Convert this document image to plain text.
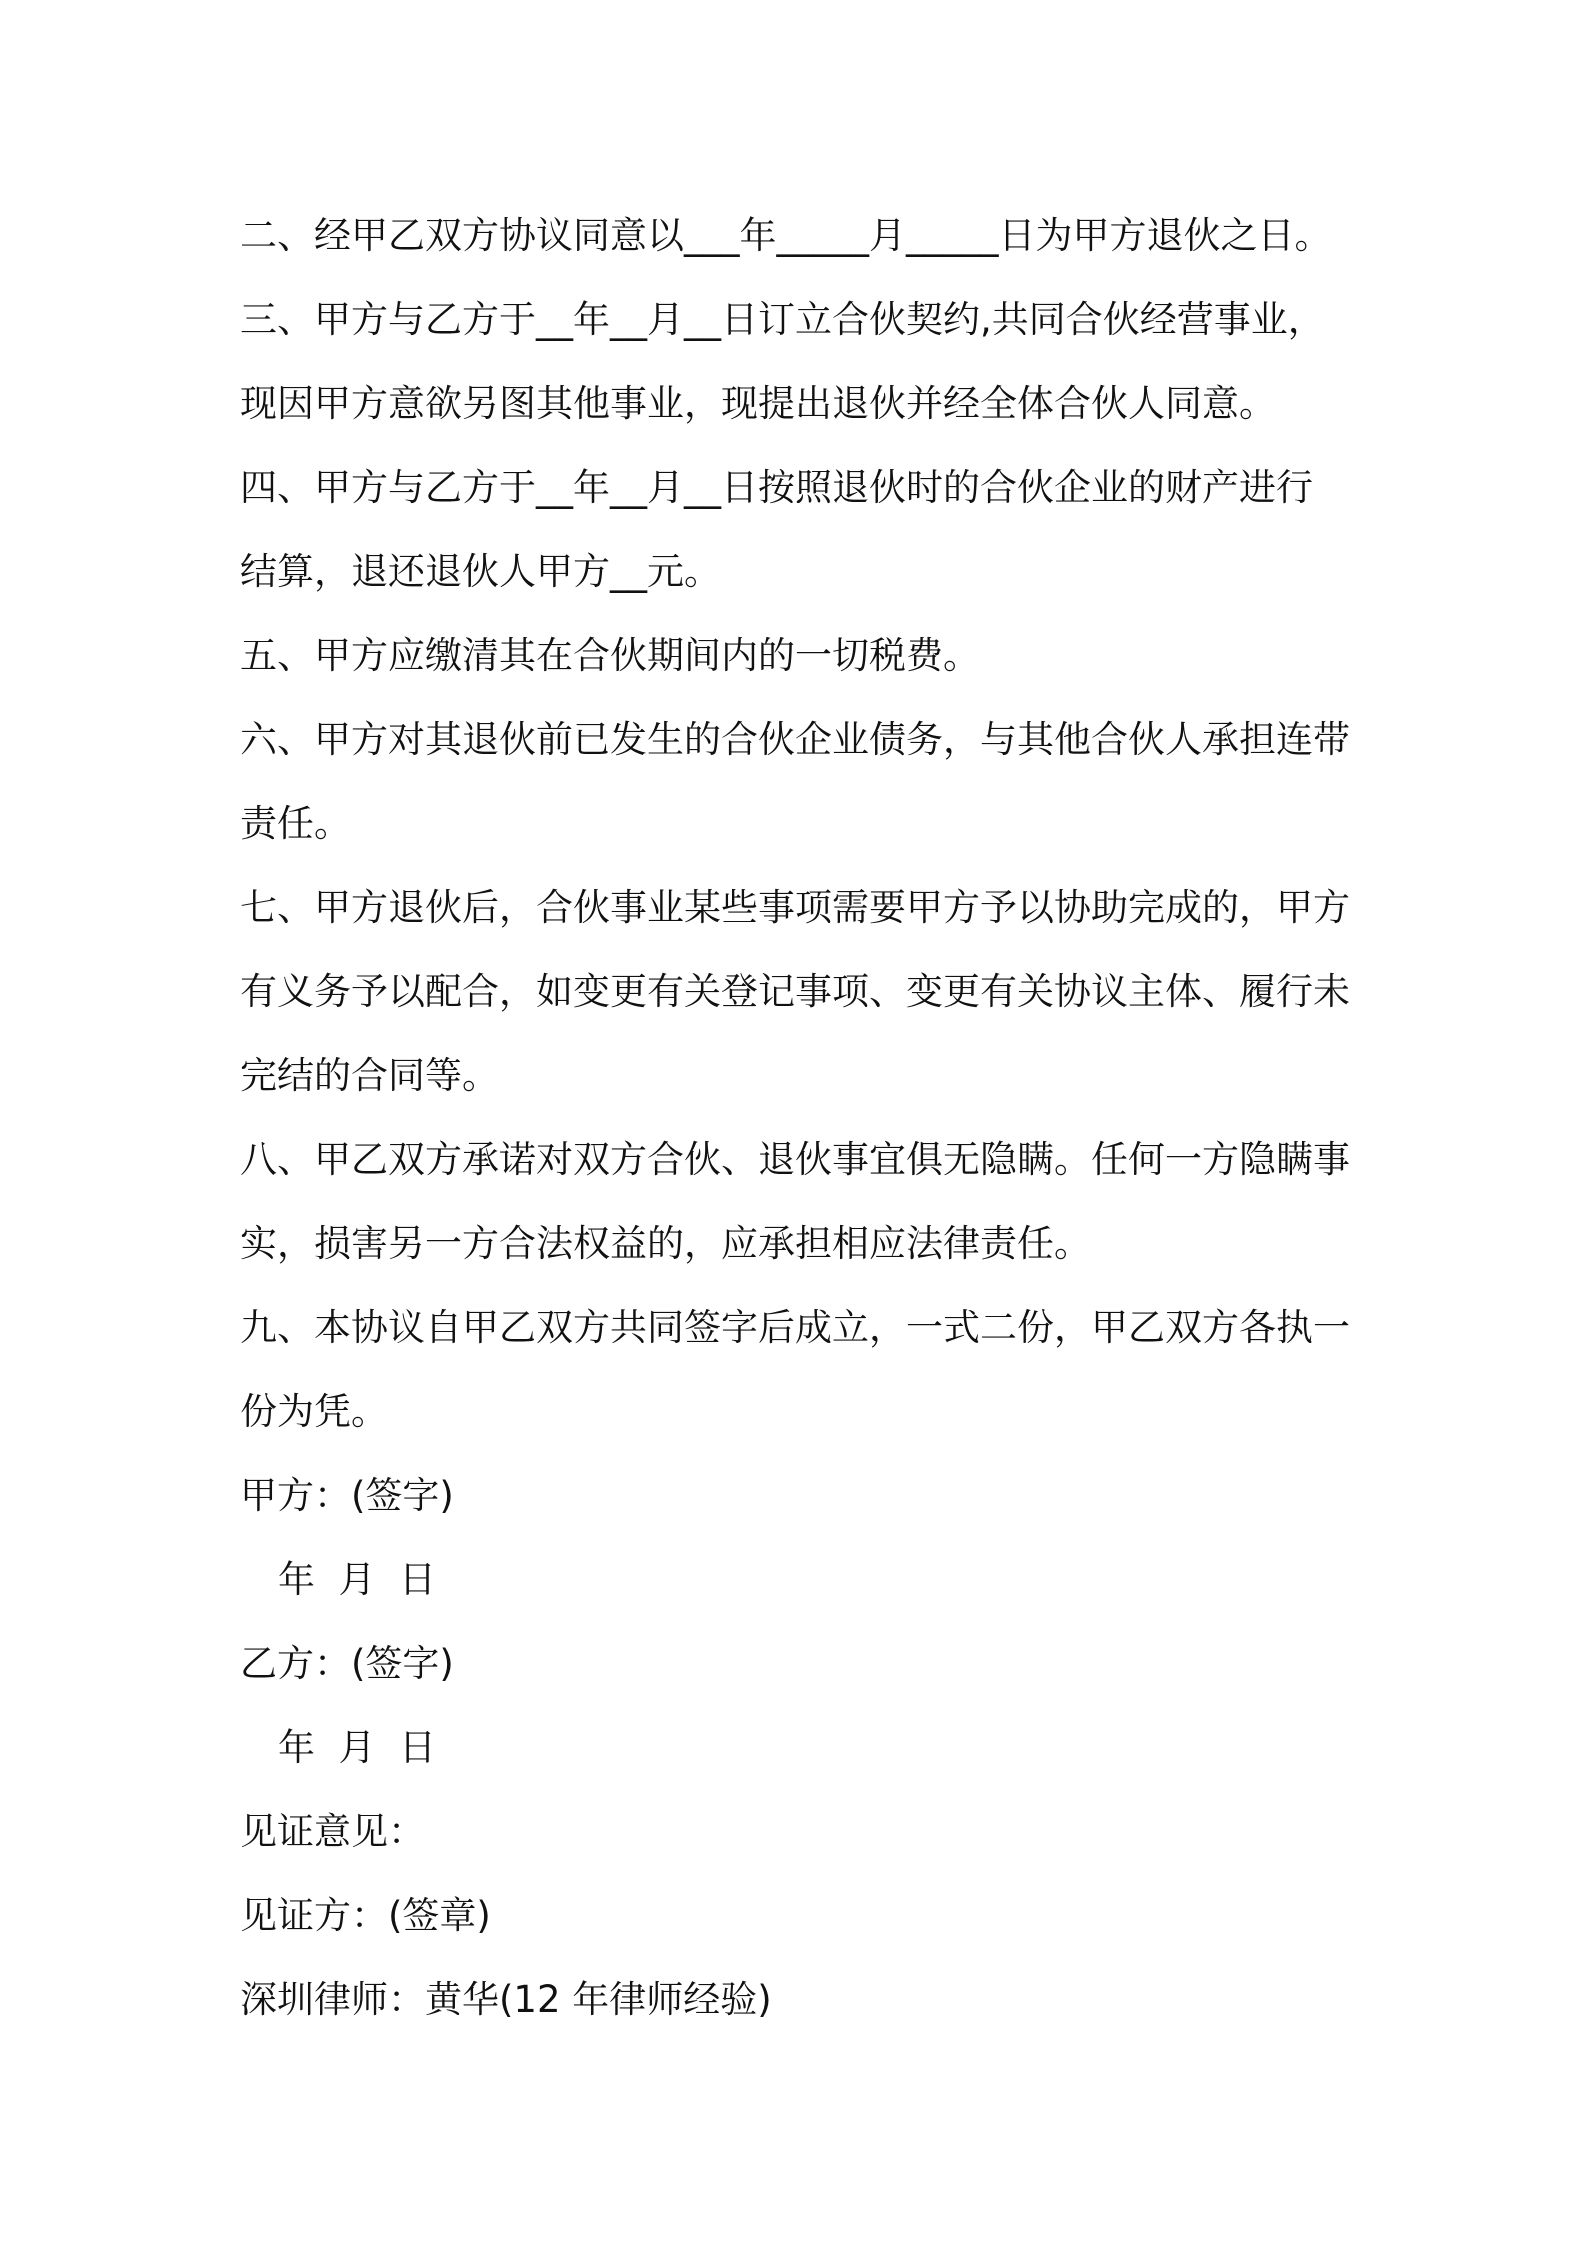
二、经甲乙双方协议同意以___年_____月_____日为甲方退伙之日。
三、甲方与乙方于__年__月__日订立合伙契约,共同合伙经营事业，
现因甲方意欲另图其他事业，现提出退伙并经全体合伙人同意。
四、甲方与乙方于__年__月__日按照退伙时的合伙企业的财产进行
结算，退还退伙人甲方__元。
五、甲方应缴清其在合伙期间内的一切税费。
六、甲方对其退伙前已发生的合伙企业债务，与其他合伙人承担连带
责任。
七、甲方退伙后，合伙事业某些事项需要甲方予以协助完成的，甲方
有义务予以配合，如变更有关登记事项、变更有关协议主体、履行未
完结的合同等。
八、甲乙双方承诺对双方合伙、退伙事宜俱无隐瞒。任何一方隐瞒事
实，损害另一方合法权益的，应承担相应法律责任。
九、本协议自甲乙双方共同签字后成立，一式二份，甲乙双方各执一
份为凭。
甲方：(签字)
年  月  日
乙方：(签字)
年  月  日
见证意见：
见证方：(签章)
深圳律师：黄华(12 年律师经验)
